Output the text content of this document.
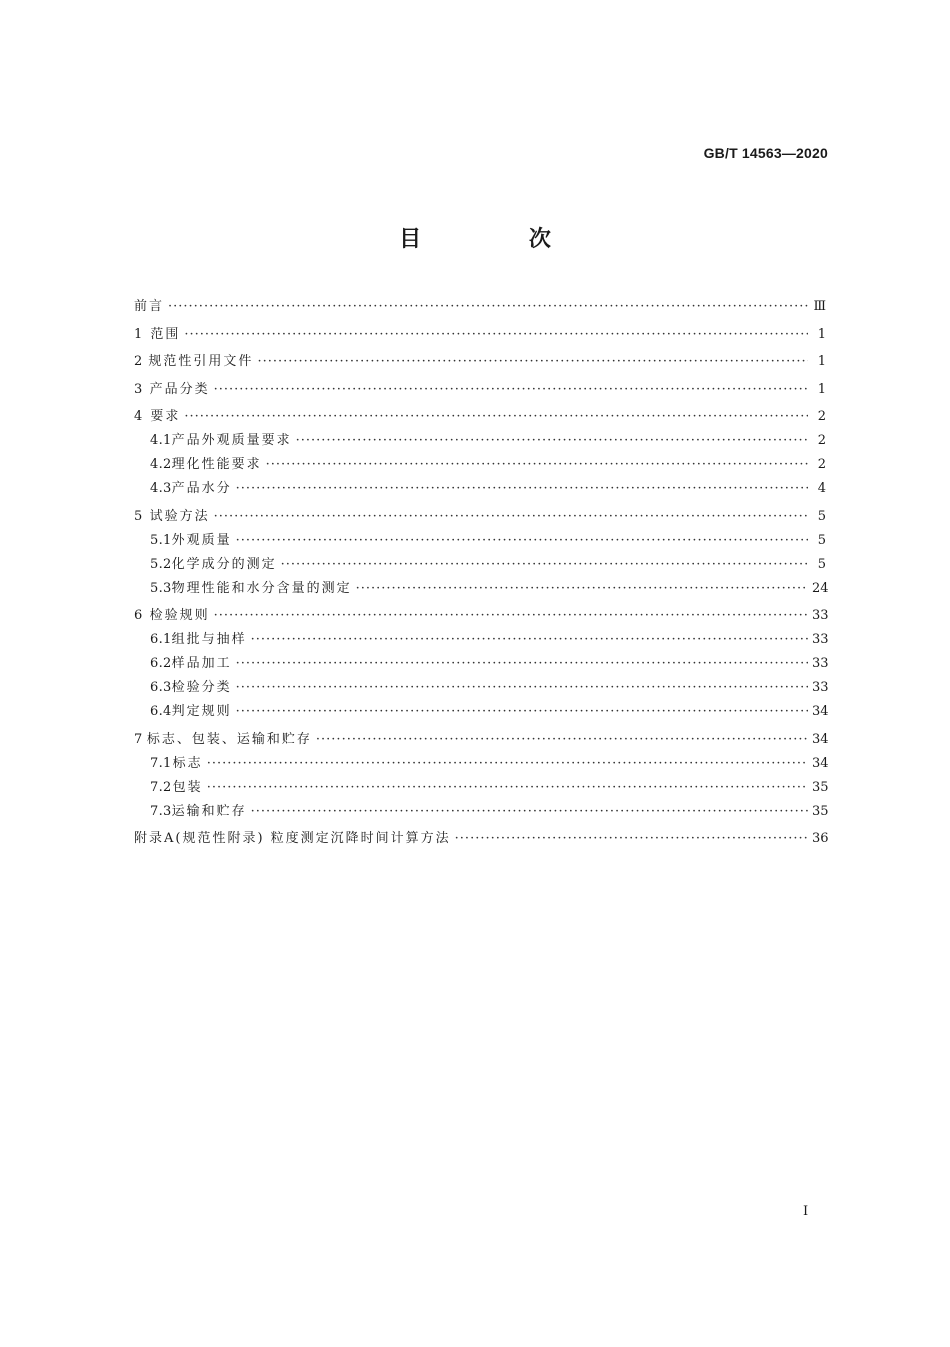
GB/T 14563—2020
目 次
前言 ·····	Ⅲ
1 范围 ·····	1
2 规范性引用文件 ·····	1
3 产品分类 ·····	1
4 要求 ·····	2
4.1 产品外观质量要求 ·····	2
4.2 理化性能要求 ·····	2
4.3 产品水分 ·····	4
5 试验方法 ·····	5
5.1 外观质量 ·····	5
5.2 化学成分的测定 ·····	5
5.3 物理性能和水分含量的测定 ·····	24
6 检验规则 ·····	33
6.1 组批与抽样 ·····	33
6.2 样品加工 ·····	33
6.3 检验分类 ·····	33
6.4 判定规则 ·····	34
7 标志、包装、运输和贮存 ·····	34
7.1 标志 ·····	34
7.2 包装 ·····	35
7.3 运输和贮存 ·····	35
附录A(规范性附录) 粒度测定沉降时间计算方法 ·····	36
I
